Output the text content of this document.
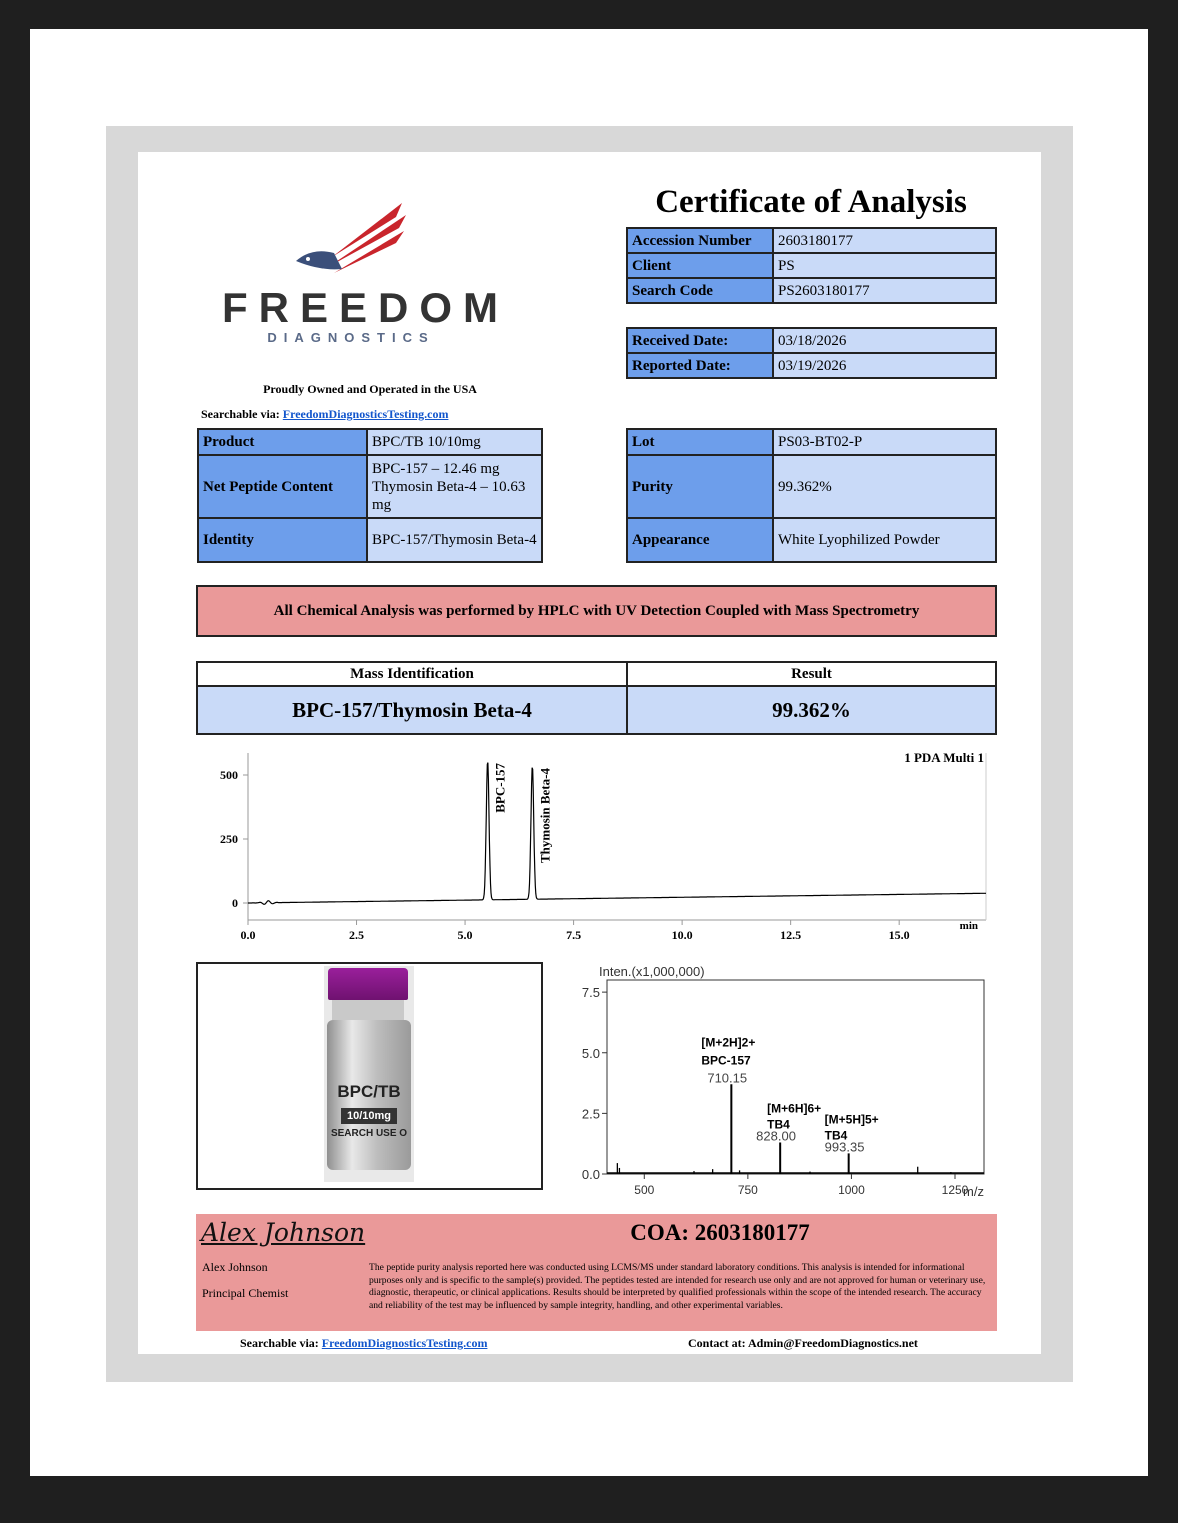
FREEDOM
DIAGNOSTICS
Proudly Owned and Operated in the USA
Searchable via: FreedomDiagnosticsTesting.com
Certificate of Analysis
Accession Number	2603180177
Client	PS
Search Code	PS2603180177
Received Date:	03/18/2026
Reported Date:	03/19/2026
Product	BPC/TB 10/10mg
Net Peptide Content	BPC-157 – 12.46 mg
Thymosin Beta-4 – 10.63 mg

Identity	BPC-157/Thymosin Beta-4
Lot	PS03-BT02-P
Purity	99.362%
Appearance	White Lyophilized Powder
All Chemical Analysis was performed by HPLC with UV Detection Coupled with Mass Spectrometry
Mass Identification	Result
BPC-157/Thymosin Beta-4	99.362%
0.0	2.5	5.0	7.5	10.0	12.5	15.0
0
250
500
1 PDA Multi 1
min
BPC-157 Thymosin Beta-4
BPC/TB
10/10mg
SEARCH USE O
Inten.(x1,000,000)
m/z
500	750	1000	1250
0.0
2.5
5.0
7.5
710.15
[M+2H]2+
BPC-157
828.00
[M+6H]6+
TB4
993.35
[M+5H]5+
TB4
Alex Johnson
Alex Johnson
Principal Chemist
COA: 2603180177
The peptide purity analysis reported here was conducted using LCMS/MS under standard laboratory conditions. This analysis is intended for informational purposes only and is specific to the sample(s) provided. The peptides tested are intended for research use only and are not approved for human or veterinary use, diagnostic, therapeutic, or clinical applications. Results should be interpreted by qualified professionals within the scope of the intended research. The accuracy and reliability of the test may be influenced by sample integrity, handling, and other experimental variables.
Searchable via: FreedomDiagnosticsTesting.com	Contact at: Admin@FreedomDiagnostics.net
